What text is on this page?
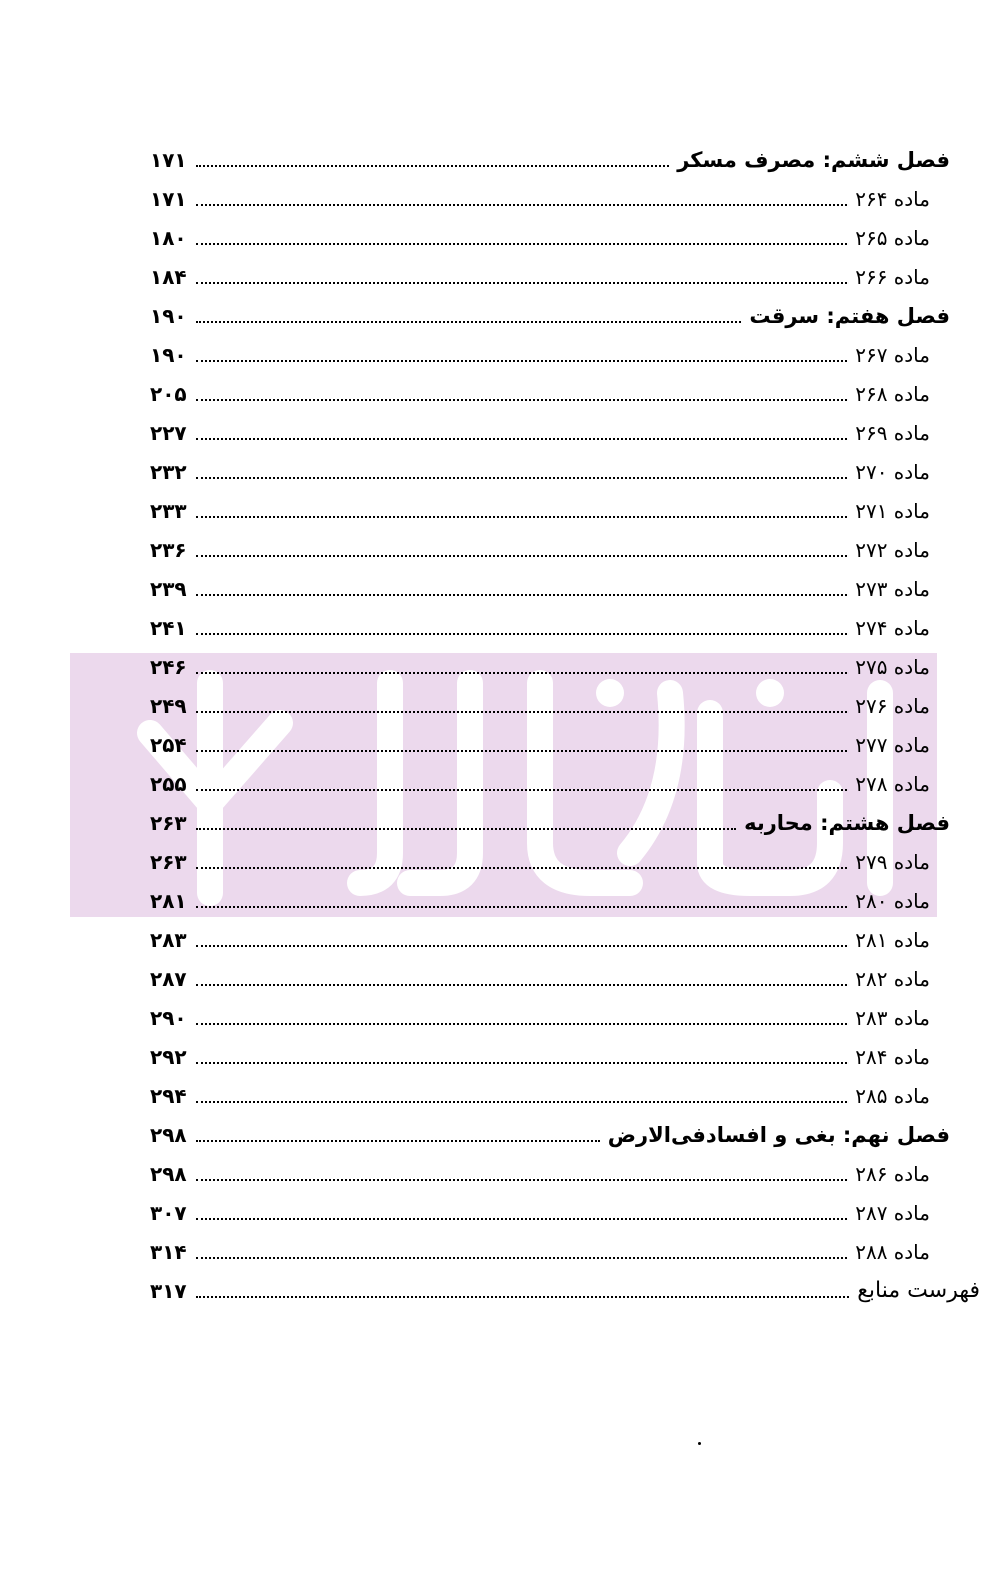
فصل ششم: مصرف مسکر
۱۷۱
ماده ۲۶۴
۱۷۱
ماده ۲۶۵
۱۸۰
ماده ۲۶۶
۱۸۴
فصل هفتم: سرقت
۱۹۰
ماده ۲۶۷
۱۹۰
ماده ۲۶۸
۲۰۵
ماده ۲۶۹
۲۲۷
ماده ۲۷۰
۲۳۲
ماده ۲۷۱
۲۳۳
ماده ۲۷۲
۲۳۶
ماده ۲۷۳
۲۳۹
ماده ۲۷۴
۲۴۱
ماده ۲۷۵
۲۴۶
ماده ۲۷۶
۲۴۹
ماده ۲۷۷
۲۵۴
ماده ۲۷۸
۲۵۵
فصل هشتم: محاربه
۲۶۳
ماده ۲۷۹
۲۶۳
ماده ۲۸۰
۲۸۱
ماده ۲۸۱
۲۸۳
ماده ۲۸۲
۲۸۷
ماده ۲۸۳
۲۹۰
ماده ۲۸۴
۲۹۲
ماده ۲۸۵
۲۹۴
فصل نهم: بغی و افسادفی‌الارض
۲۹۸
ماده ۲۸۶
۲۹۸
ماده ۲۸۷
۳۰۷
ماده ۲۸۸
۳۱۴
فهرست منابع
۳۱۷
